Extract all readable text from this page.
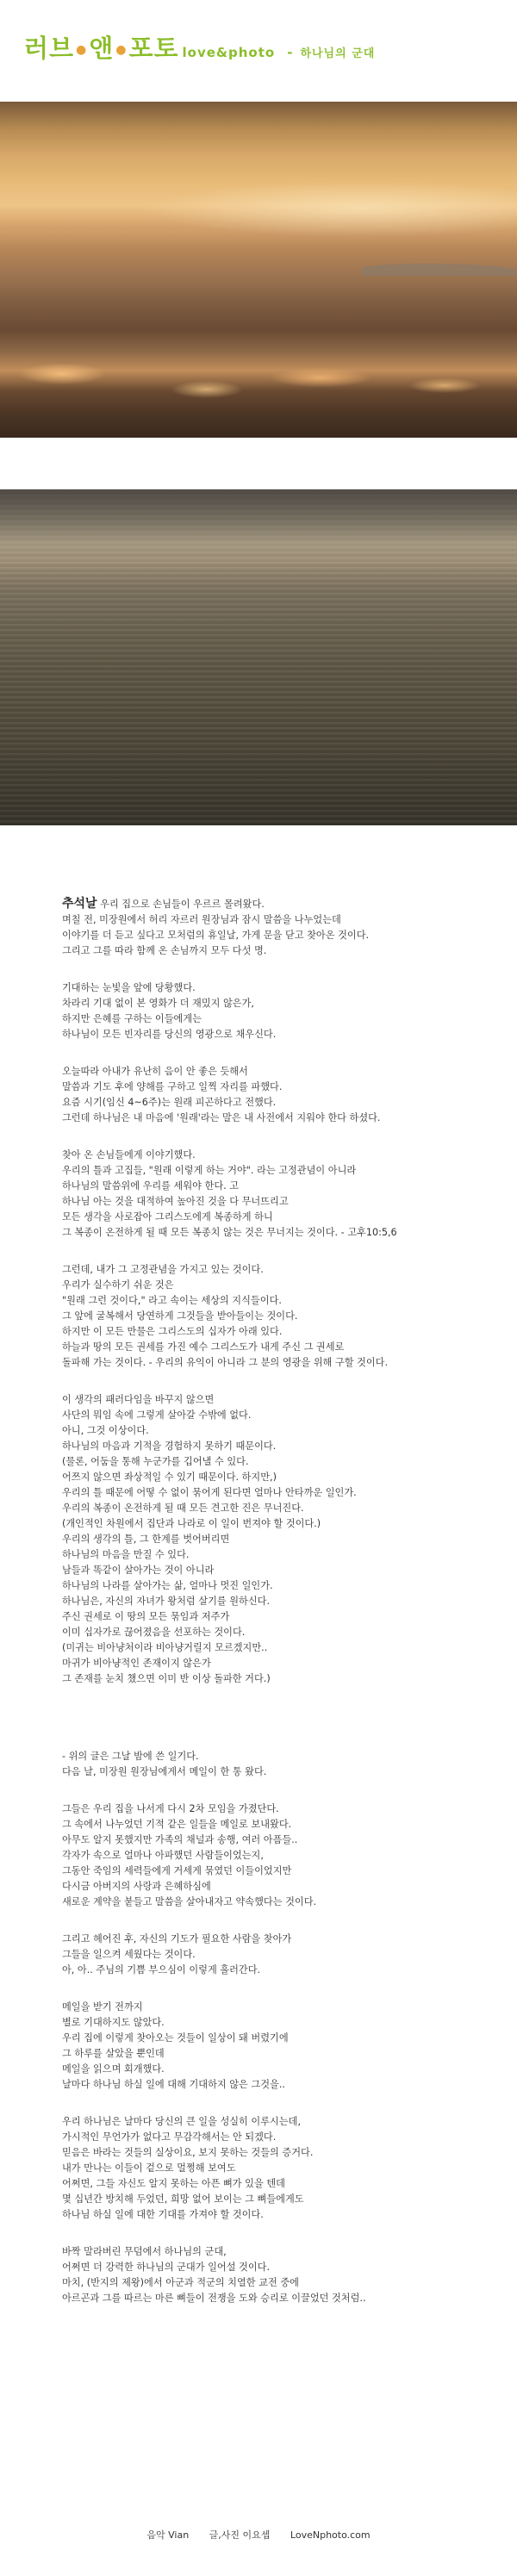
러브 ●앤 ●포토 love&photo - 하나님의 군대
추석날 우리 집으로 손님들이 우르르 몰려왔다.
며칠 전, 미장원에서 허리 자르러 원장님과 잠시 말씀을 나누었는데
이야기를 더 듣고 싶다고 모처럼의 휴일날, 가게 문을 닫고 찾아온 것이다.
그리고 그를 따라 함께 온 손님까지 모두 다섯 명.
기대하는 눈빛을 앞에 당황했다.
차라리 기대 없이 본 영화가 더 재밌지 않은가,
하지만 은혜를 구하는 이들에게는
하나님이 모든 빈자리를 당신의 영광으로 채우신다.
오늘따라 아내가 유난히 음이 안 좋은 듯해서
말씀과 기도 후에 양해를 구하고 일찍 자리를 파했다.
요즘 시기(임신 4~6주)는 원래 피곤하다고 전했다.
그런데 하나님은 내 마음에 '원래'라는 말은 내 사전에서 지워야 한다 하셨다.
찾아 온 손님들에게 이야기했다.
우리의 틀과 고집들, "원래 이렇게 하는 거야". 라는 고정관념이 아니라
하나님의 말씀위에 우리를 세워야 한다. 고
하나님 아는 것을 대적하여 높아진 것을 다 무너뜨리고
모든 생각을 사로잡아 그리스도에게 복종하게 하니
그 복종이 온전하게 될 때 모든 복종치 않는 것은 무너지는 것이다. - 고후10:5,6
그런데, 내가 그 고정관념을 가지고 있는 것이다.
우리가 실수하기 쉬운 것은
"원래 그런 것이다," 라고 속이는 세상의 지식들이다.
그 앞에 굴복해서 당연하게 그것들을 받아들이는 것이다.
하지만 이 모든 만물은 그리스도의 십자가 아래 있다.
하늘과 땅의 모든 권세를 가진 예수 그리스도가 내게 주신 그 권세로
돌파해 가는 것이다. - 우리의 유익이 아니라 그 분의 영광을 위해 구할 것이다.
이 생각의 패러다임을 바꾸지 않으면
사단의 뭐임 속에 그렇게 살아갈 수밖에 없다.
아니, 그것 이상이다.
하나님의 마음과 기적을 경험하지 못하기 때문이다.
(물론, 어둠을 통해 누군가를 깁어낼 수 있다.
어쯔지 않으면 좌상적일 수 있기 때문이다. 하지만,)
우리의 틀 때문에 어떻 수 없이 묶어게 된다면 얼마나 안타까운 일인가.
우리의 복종이 온전하게 될 때 모든 견고한 진은 무너진다.
(개인적인 차원에서 집단과 나라로 이 일이 번져야 할 것이다.)
우리의 생각의 틀, 그 한계를 벗어버리면
하나님의 마음을 만질 수 있다.
남들과 똑같이 살아가는 것이 아니라
하나님의 나라를 살아가는 삶, 얼마나 멋진 일인가.
하나님은, 자신의 자녀가 왕처럼 살기를 원하신다.
주신 권세로 이 땅의 모든 묶임과 저주가
이미 십자가로 끊어졌음을 선포하는 것이다.
(미귀는 비아냥처이라 비아냥거릴지 모르겠지만..
마귀가 비아냥적인 존재이지 않은가
그 존재를 눈치 챘으면 이미 반 이상 돌파한 거다.)
- 위의 글은 그날 밤에 쓴 일기다.
다음 날, 미장원 원장님에게서 메일이 한 통 왔다.
그들은 우리 집을 나서게 다시 2차 모임을 가졌단다.
그 속에서 나누었던 기적 같은 일들을 메일로 보내왔다.
아무도 알지 못했지만 가족의 채널과 송행, 여러 아픔들..
각자가 속으로 얼마나 아파했던 사람들이었는지,
그동안 죽임의 세력들에게 거세게 묶였던 이들이었지만
다시금 아버지의 사랑과 은혜하심에
새로운 계약을 붙들고 말씀을 살아내자고 약속했다는 것이다.
그리고 헤어진 후, 자신의 기도가 필요한 사람을 찾아가
그들을 일으켜 세웠다는 것이다.
아, 아.. 주님의 기쁨 부으심이 이렇게 흘러간다.
메일을 받기 전까지
별로 기대하지도 않았다.
우리 집에 이렇게 찾아오는 것들이 일상이 돼 버렸기에
그 하루를 살았을 뿐인데
메일을 읽으며 회개했다.
날마다 하나님 하실 일에 대해 기대하지 않은 그것을..
우리 하나님은 날마다 당신의 큰 일을 성실히 이루시는데,
가시적인 무언가가 없다고 무감각해서는 안 되겠다.
믿음은 바라는 것들의 실상이요, 보지 못하는 것들의 증거다.
내가 만나는 이들이 겉으로 멀쩡해 보여도
어쩌면, 그들 자신도 알지 못하는 아픈 뼈가 있을 텐데
몇 십년간 방치해 두었던, 희망 없어 보이는 그 뼈들에게도
하나님 하실 일에 대한 기대를 가져야 할 것이다.
바짝 말라버린 무덤에서 하나님의 군대,
어쩌면 더 강력한 하나님의 군대가 일어설 것이다.
마치, (반지의 제왕)에서 아군과 적군의 치열한 교전 중에
아르곤과 그를 따르는 마른 뼈들이 전쟁을 도와 승리로 이끌었던 것처럼..
음악 Vian 글,사진 이요셉 LoveNphoto.com
